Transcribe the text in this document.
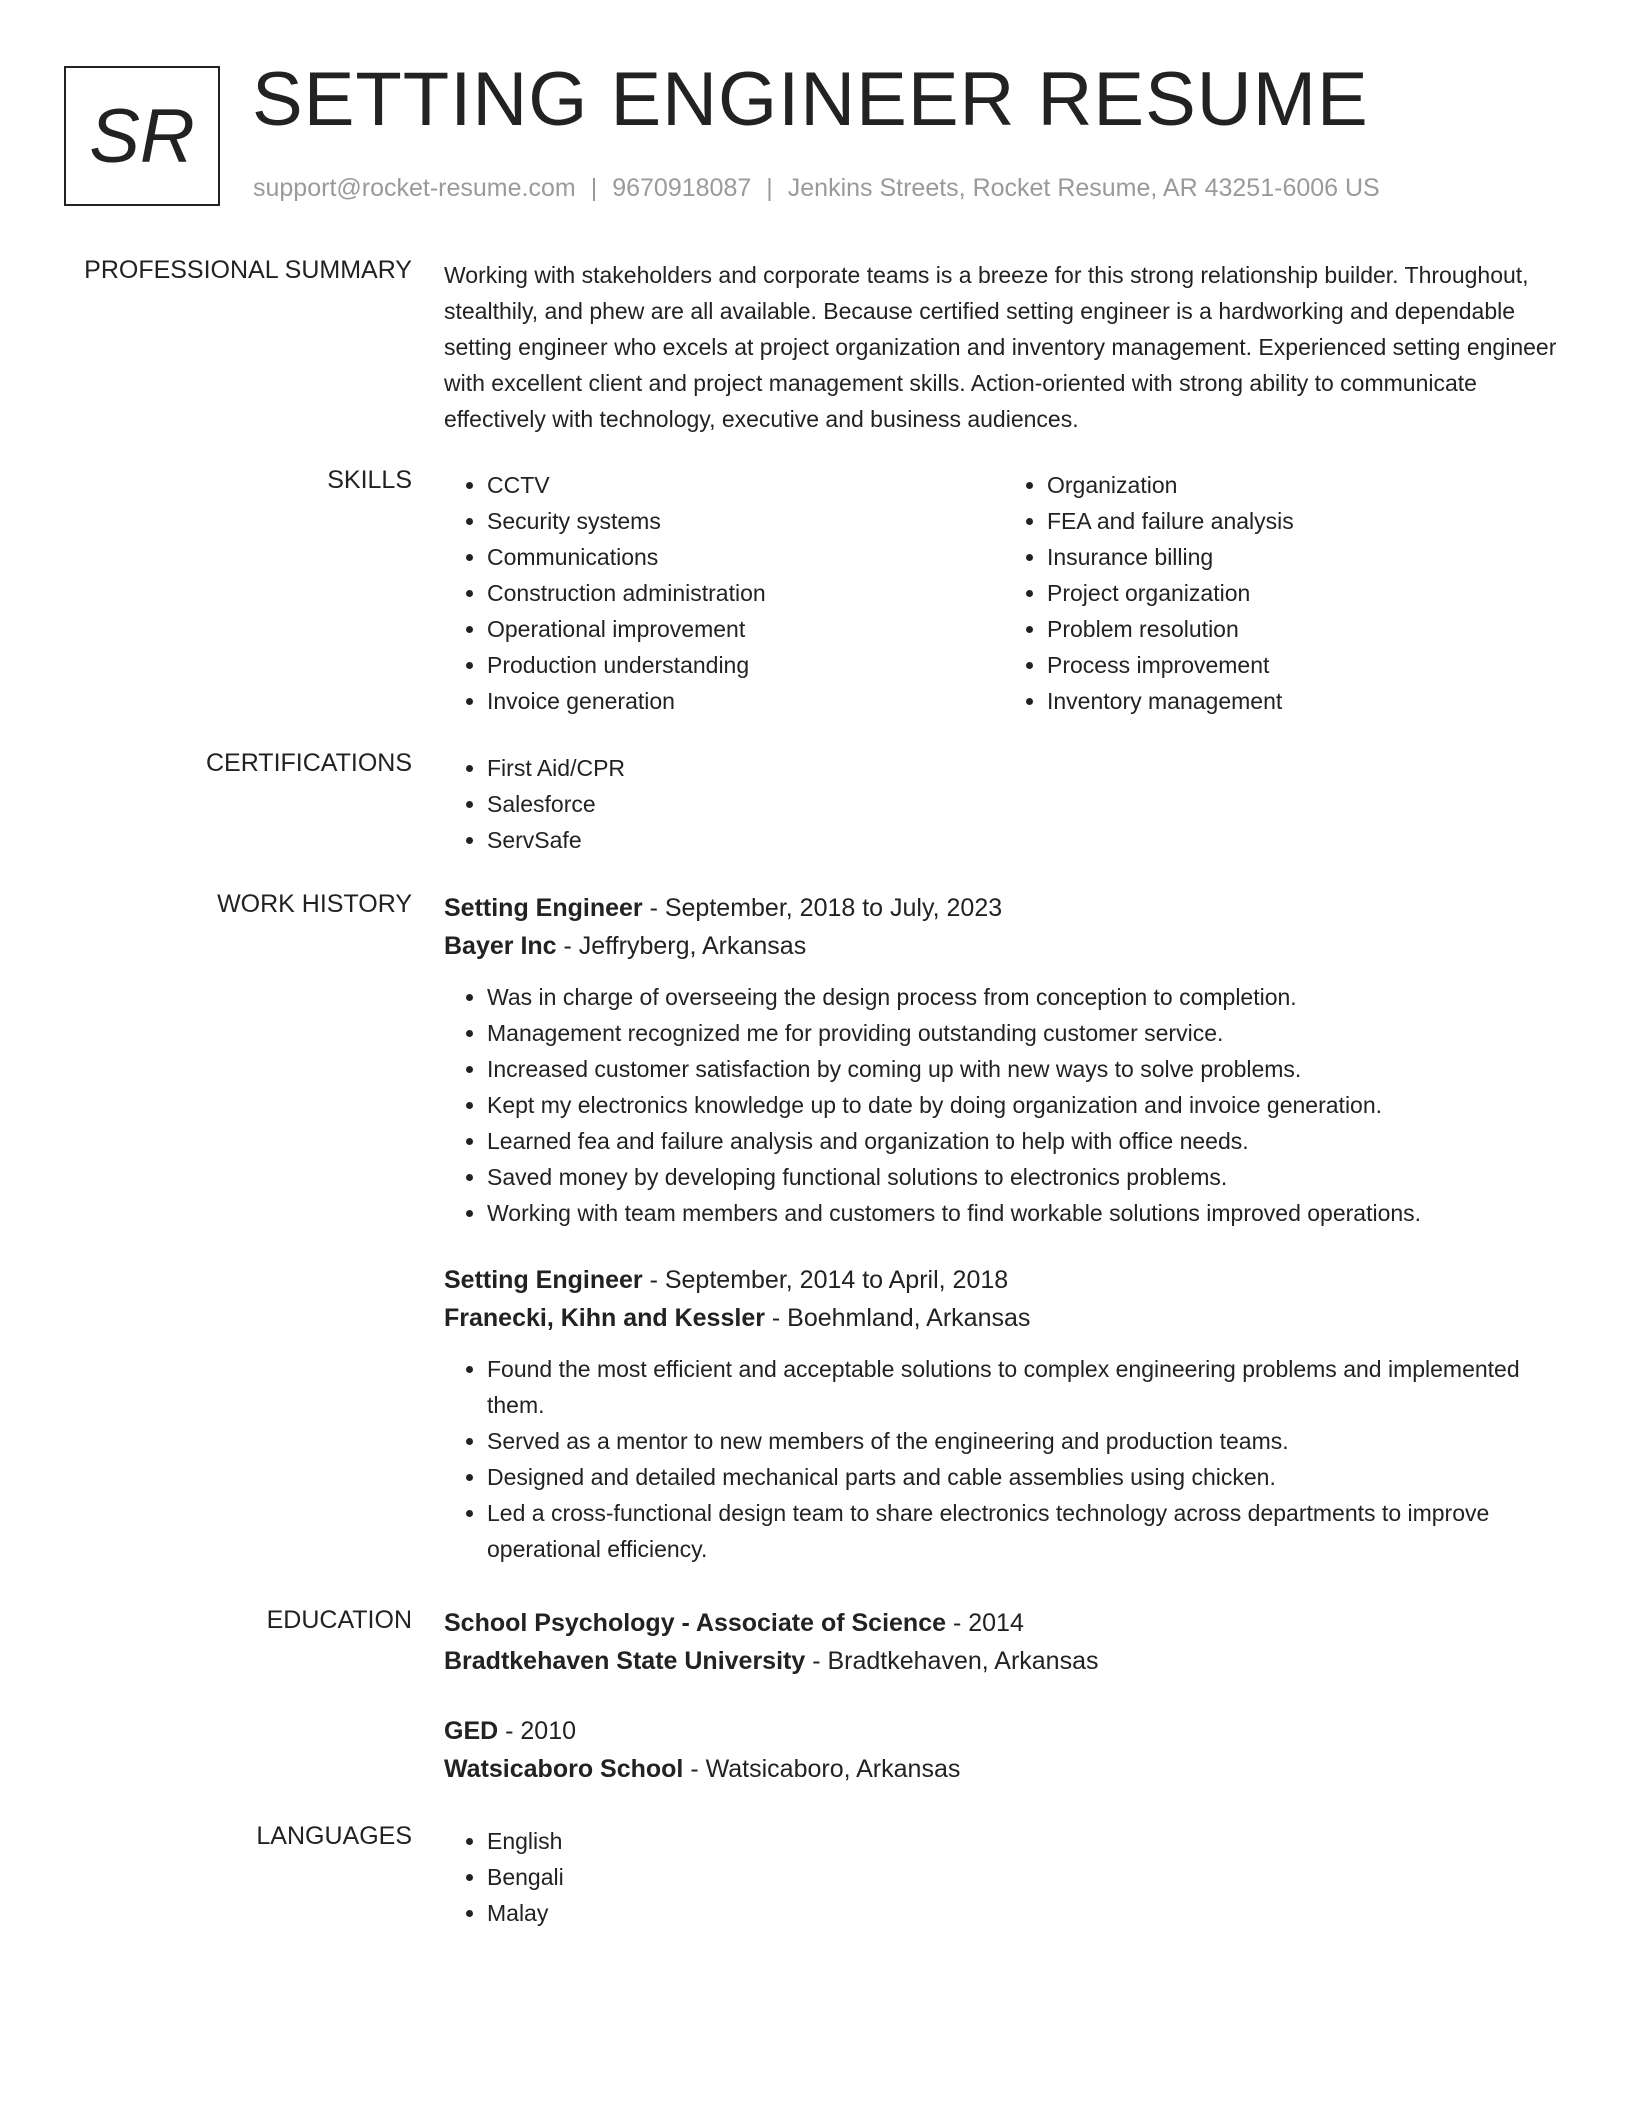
SR SETTING ENGINEER RESUME
support@rocket-resume.com | 9670918087 | Jenkins Streets, Rocket Resume, AR 43251-6006 US
PROFESSIONAL SUMMARY Working with stakeholders and corporate teams is a breeze for this strong relationship builder. Throughout, stealthily, and phew are all available. Because certified setting engineer is a hardworking and dependable setting engineer who excels at project organization and inventory management. Experienced setting engineer with excellent client and project management skills. Action-oriented with strong ability to communicate effectively with technology, executive and business audiences.

SKILLS	• CCTV
• Security systems
• Communications
• Construction administration
• Operational improvement
• Production understanding
• Invoice generation
• Organization
• FEA and failure analysis
• Insurance billing
• Project organization
• Problem resolution
• Process improvement
• Inventory management
CERTIFICATIONS	• First Aid/CPR
• Salesforce
• ServSafe
WORK HISTORY Setting Engineer - September, 2018 to July, 2023
Bayer Inc - Jeffryberg, Arkansas
• Was in charge of overseeing the design process from conception to completion.
• Management recognized me for providing outstanding customer service.
• Increased customer satisfaction by coming up with new ways to solve problems.
• Kept my electronics knowledge up to date by doing organization and invoice generation.
• Learned fea and failure analysis and organization to help with office needs.
• Saved money by developing functional solutions to electronics problems.
• Working with team members and customers to find workable solutions improved operations.
Setting Engineer - September, 2014 to April, 2018
Franecki, Kihn and Kessler - Boehmland, Arkansas
• Found the most efficient and acceptable solutions to complex engineering problems and implemented them.
• Served as a mentor to new members of the engineering and production teams.
• Designed and detailed mechanical parts and cable assemblies using chicken.
• Led a cross-functional design team to share electronics technology across departments to improve operational efficiency.
EDUCATION School Psychology - Associate of Science - 2014
Bradtkehaven State University - Bradtkehaven, Arkansas
GED - 2010
Watsicaboro School - Watsicaboro, Arkansas
LANGUAGES	• English
• Bengali
• Malay
